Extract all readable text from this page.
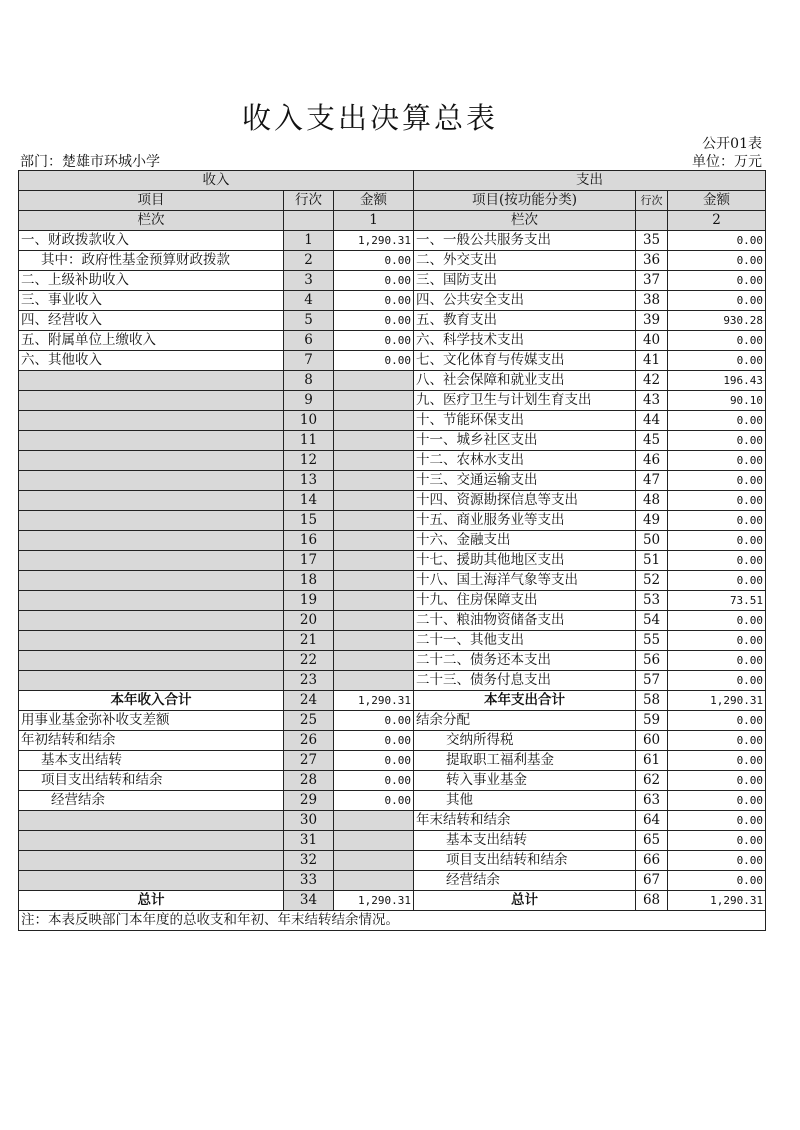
收入支出决算总表
公开01表
部门：楚雄市环城小学	单位：万元
收入			支出		
项目	行次	金额	项目(按功能分类)	行次	金额
栏次		1	栏次		2
一、财政拨款收入	1	1,290.31	一、一般公共服务支出	35	0.00
其中：政府性基金预算财政拨款	2	0.00	二、外交支出	36	0.00
二、上级补助收入	3	0.00	三、国防支出	37	0.00
三、事业收入	4	0.00	四、公共安全支出	38	0.00
四、经营收入	5	0.00	五、教育支出	39	930.28
五、附属单位上缴收入	6	0.00	六、科学技术支出	40	0.00
六、其他收入	7	0.00	七、文化体育与传媒支出	41	0.00
	8		八、社会保障和就业支出	42	196.43
	9		九、医疗卫生与计划生育支出	43	90.10
	10		十、节能环保支出	44	0.00
	11		十一、城乡社区支出	45	0.00
	12		十二、农林水支出	46	0.00
	13		十三、交通运输支出	47	0.00
	14		十四、资源勘探信息等支出	48	0.00
	15		十五、商业服务业等支出	49	0.00
	16		十六、金融支出	50	0.00
	17		十七、援助其他地区支出	51	0.00
	18		十八、国土海洋气象等支出	52	0.00
	19		十九、住房保障支出	53	73.51
	20		二十、粮油物资储备支出	54	0.00
	21		二十一、其他支出	55	0.00
	22		二十二、债务还本支出	56	0.00
	23		二十三、债务付息支出	57	0.00
本年收入合计	24	1,290.31	本年支出合计	58	1,290.31
用事业基金弥补收支差额	25	0.00	结余分配	59	0.00
年初结转和结余	26	0.00	交纳所得税	60	0.00
基本支出结转	27	0.00	提取职工福利基金	61	0.00
项目支出结转和结余	28	0.00	转入事业基金	62	0.00
经营结余	29	0.00	其他	63	0.00
	30		年末结转和结余	64	0.00
	31		基本支出结转	65	0.00
	32		项目支出结转和结余	66	0.00
	33		经营结余	67	0.00
总计	34	1,290.31	总计	68	1,290.31
注：本表反映部门本年度的总收支和年初、年末结转结余情况。					
